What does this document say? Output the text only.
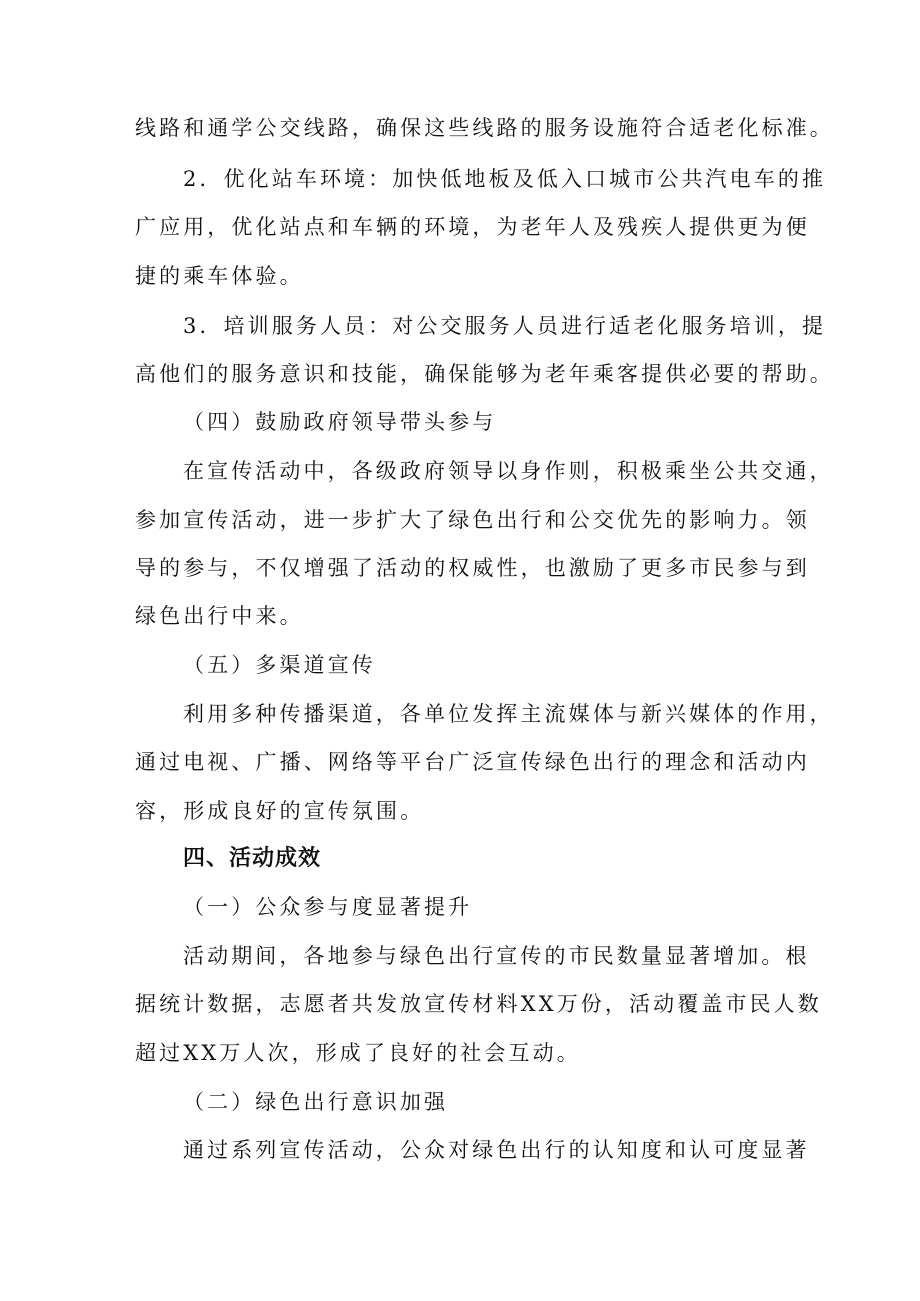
线路和通学公交线路，确保这些线路的服务设施符合适老化标准。
2．优化站车环境：加快低地板及低入口城市公共汽电车的推
广应用，优化站点和车辆的环境，为老年人及残疾人提供更为便
捷的乘车体验。
3．培训服务人员：对公交服务人员进行适老化服务培训，提
高他们的服务意识和技能，确保能够为老年乘客提供必要的帮助。
（四）鼓励政府领导带头参与
在宣传活动中，各级政府领导以身作则，积极乘坐公共交通，
参加宣传活动，进一步扩大了绿色出行和公交优先的影响力。领
导的参与，不仅增强了活动的权威性，也激励了更多市民参与到
绿色出行中来。
（五）多渠道宣传
利用多种传播渠道，各单位发挥主流媒体与新兴媒体的作用，
通过电视、广播、网络等平台广泛宣传绿色出行的理念和活动内
容，形成良好的宣传氛围。
四、活动成效
（一）公众参与度显著提升
活动期间，各地参与绿色出行宣传的市民数量显著增加。根
据统计数据，志愿者共发放宣传材料XX万份，活动覆盖市民人数
超过XX万人次，形成了良好的社会互动。
（二）绿色出行意识加强
通过系列宣传活动，公众对绿色出行的认知度和认可度显著
